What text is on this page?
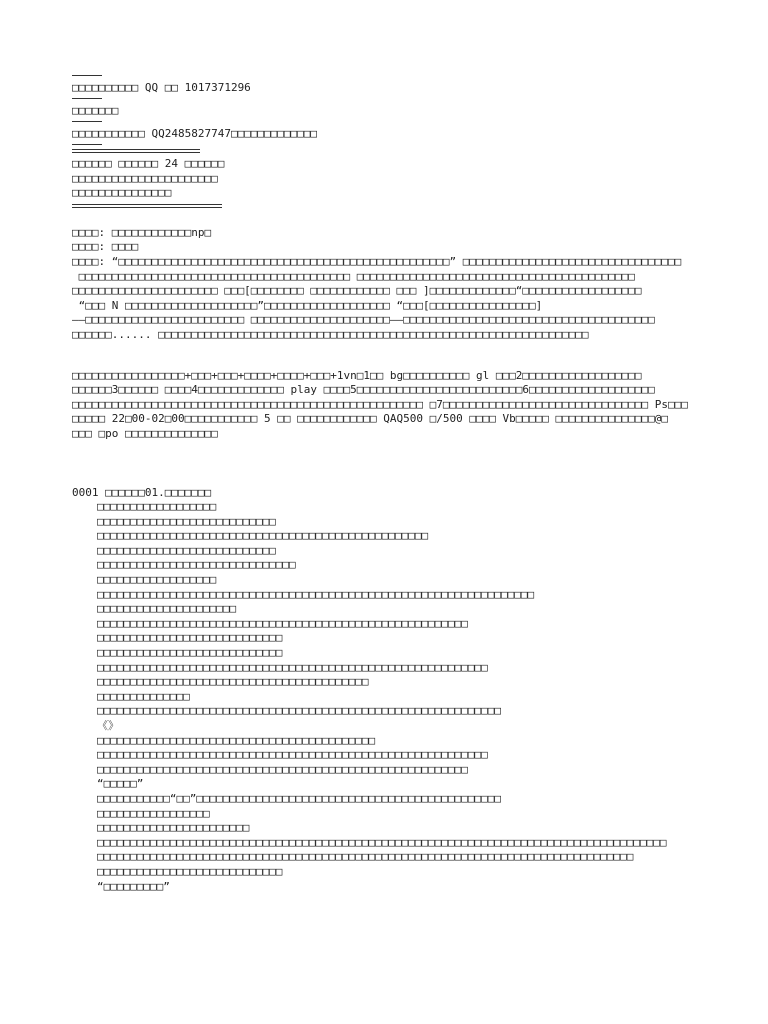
□□□□□□□□□□ QQ □□ 1017371296
□□□□□□□
□□□□□□□□□□□ QQ2485827747□□□□□□□□□□□□□
□□□□□□ □□□□□□ 24 □□□□□□
□□□□□□□□□□□□□□□□□□□□□□
□□□□□□□□□□□□□□□
□□□□: □□□□□□□□□□□□np□
□□□□: □□□□
□□□□: “□□□□□□□□□□□□□□□□□□□□□□□□□□□□□□□□□□□□□□□□□□□□□□□□□□” □□□□□□□□□□□□□□□□□□□□□□□□□□□□□□□□□
□□□□□□□□□□□□□□□□□□□□□□□□□□□□□□□□□□□□□□□□□ □□□□□□□□□□□□□□□□□□□□□□□□□□□□□□□□□□□□□□□□□□
□□□□□□□□□□□□□□□□□□□□□□ □□□[□□□□□□□□ □□□□□□□□□□□□ □□□ ]□□□□□□□□□□□□□“□□□□□□□□□□□□□□□□□□
“□□□ N □□□□□□□□□□□□□□□□□□□□”□□□□□□□□□□□□□□□□□□□ “□□□[□□□□□□□□□□□□□□□□]
——□□□□□□□□□□□□□□□□□□□□□□□□ □□□□□□□□□□□□□□□□□□□□□——□□□□□□□□□□□□□□□□□□□□□□□□□□□□□□□□□□□□□□
□□□□□□...... □□□□□□□□□□□□□□□□□□□□□□□□□□□□□□□□□□□□□□□□□□□□□□□□□□□□□□□□□□□□□□□□□
□□□□□□□□□□□□□□□□□+□□□+□□□+□□□□+□□□□+□□□+1vn□1□□ bg□□□□□□□□□□ gl □□□2□□□□□□□□□□□□□□□□□□
□□□□□□3□□□□□□ □□□□4□□□□□□□□□□□□□ play □□□□5□□□□□□□□□□□□□□□□□□□□□□□□□6□□□□□□□□□□□□□□□□□□□
□□□□□□□□□□□□□□□□□□□□□□□□□□□□□□□□□□□□□□□□□□□□□□□□□□□□□ □7□□□□□□□□□□□□□□□□□□□□□□□□□□□□□□□ Ps□□□
□□□□□ 22□00-02□00□□□□□□□□□□□ 5 □□ □□□□□□□□□□□□ QAQ500 □/500 □□□□ Vb□□□□□ □□□□□□□□□□□□□□□@□
□□□ □po □□□□□□□□□□□□□□
0001 □□□□□□01.□□□□□□□
□□□□□□□□□□□□□□□□□□
□□□□□□□□□□□□□□□□□□□□□□□□□□□
□□□□□□□□□□□□□□□□□□□□□□□□□□□□□□□□□□□□□□□□□□□□□□□□□□
□□□□□□□□□□□□□□□□□□□□□□□□□□□
□□□□□□□□□□□□□□□□□□□□□□□□□□□□□□
□□□□□□□□□□□□□□□□□□
□□□□□□□□□□□□□□□□□□□□□□□□□□□□□□□□□□□□□□□□□□□□□□□□□□□□□□□□□□□□□□□□□□
□□□□□□□□□□□□□□□□□□□□□
□□□□□□□□□□□□□□□□□□□□□□□□□□□□□□□□□□□□□□□□□□□□□□□□□□□□□□□□
□□□□□□□□□□□□□□□□□□□□□□□□□□□□
□□□□□□□□□□□□□□□□□□□□□□□□□□□□
□□□□□□□□□□□□□□□□□□□□□□□□□□□□□□□□□□□□□□□□□□□□□□□□□□□□□□□□□□□
□□□□□□□□□□□□□□□□□□□□□□□□□□□□□□□□□□□□□□□□□
□□□□□□□□□□□□□□
□□□□□□□□□□□□□□□□□□□□□□□□□□□□□□□□□□□□□□□□□□□□□□□□□□□□□□□□□□□□□
《》
□□□□□□□□□□□□□□□□□□□□□□□□□□□□□□□□□□□□□□□□□□
□□□□□□□□□□□□□□□□□□□□□□□□□□□□□□□□□□□□□□□□□□□□□□□□□□□□□□□□□□□
□□□□□□□□□□□□□□□□□□□□□□□□□□□□□□□□□□□□□□□□□□□□□□□□□□□□□□□□
“□□□□□”
□□□□□□□□□□□“□□”□□□□□□□□□□□□□□□□□□□□□□□□□□□□□□□□□□□□□□□□□□□□□□
□□□□□□□□□□□□□□□□□
□□□□□□□□□□□□□□□□□□□□□□□
□□□□□□□□□□□□□□□□□□□□□□□□□□□□□□□□□□□□□□□□□□□□□□□□□□□□□□□□□□□□□□□□□□□□□□□□□□□□□□□□□□□□□□
□□□□□□□□□□□□□□□□□□□□□□□□□□□□□□□□□□□□□□□□□□□□□□□□□□□□□□□□□□□□□□□□□□□□□□□□□□□□□□□□□
□□□□□□□□□□□□□□□□□□□□□□□□□□□□
“□□□□□□□□□”
